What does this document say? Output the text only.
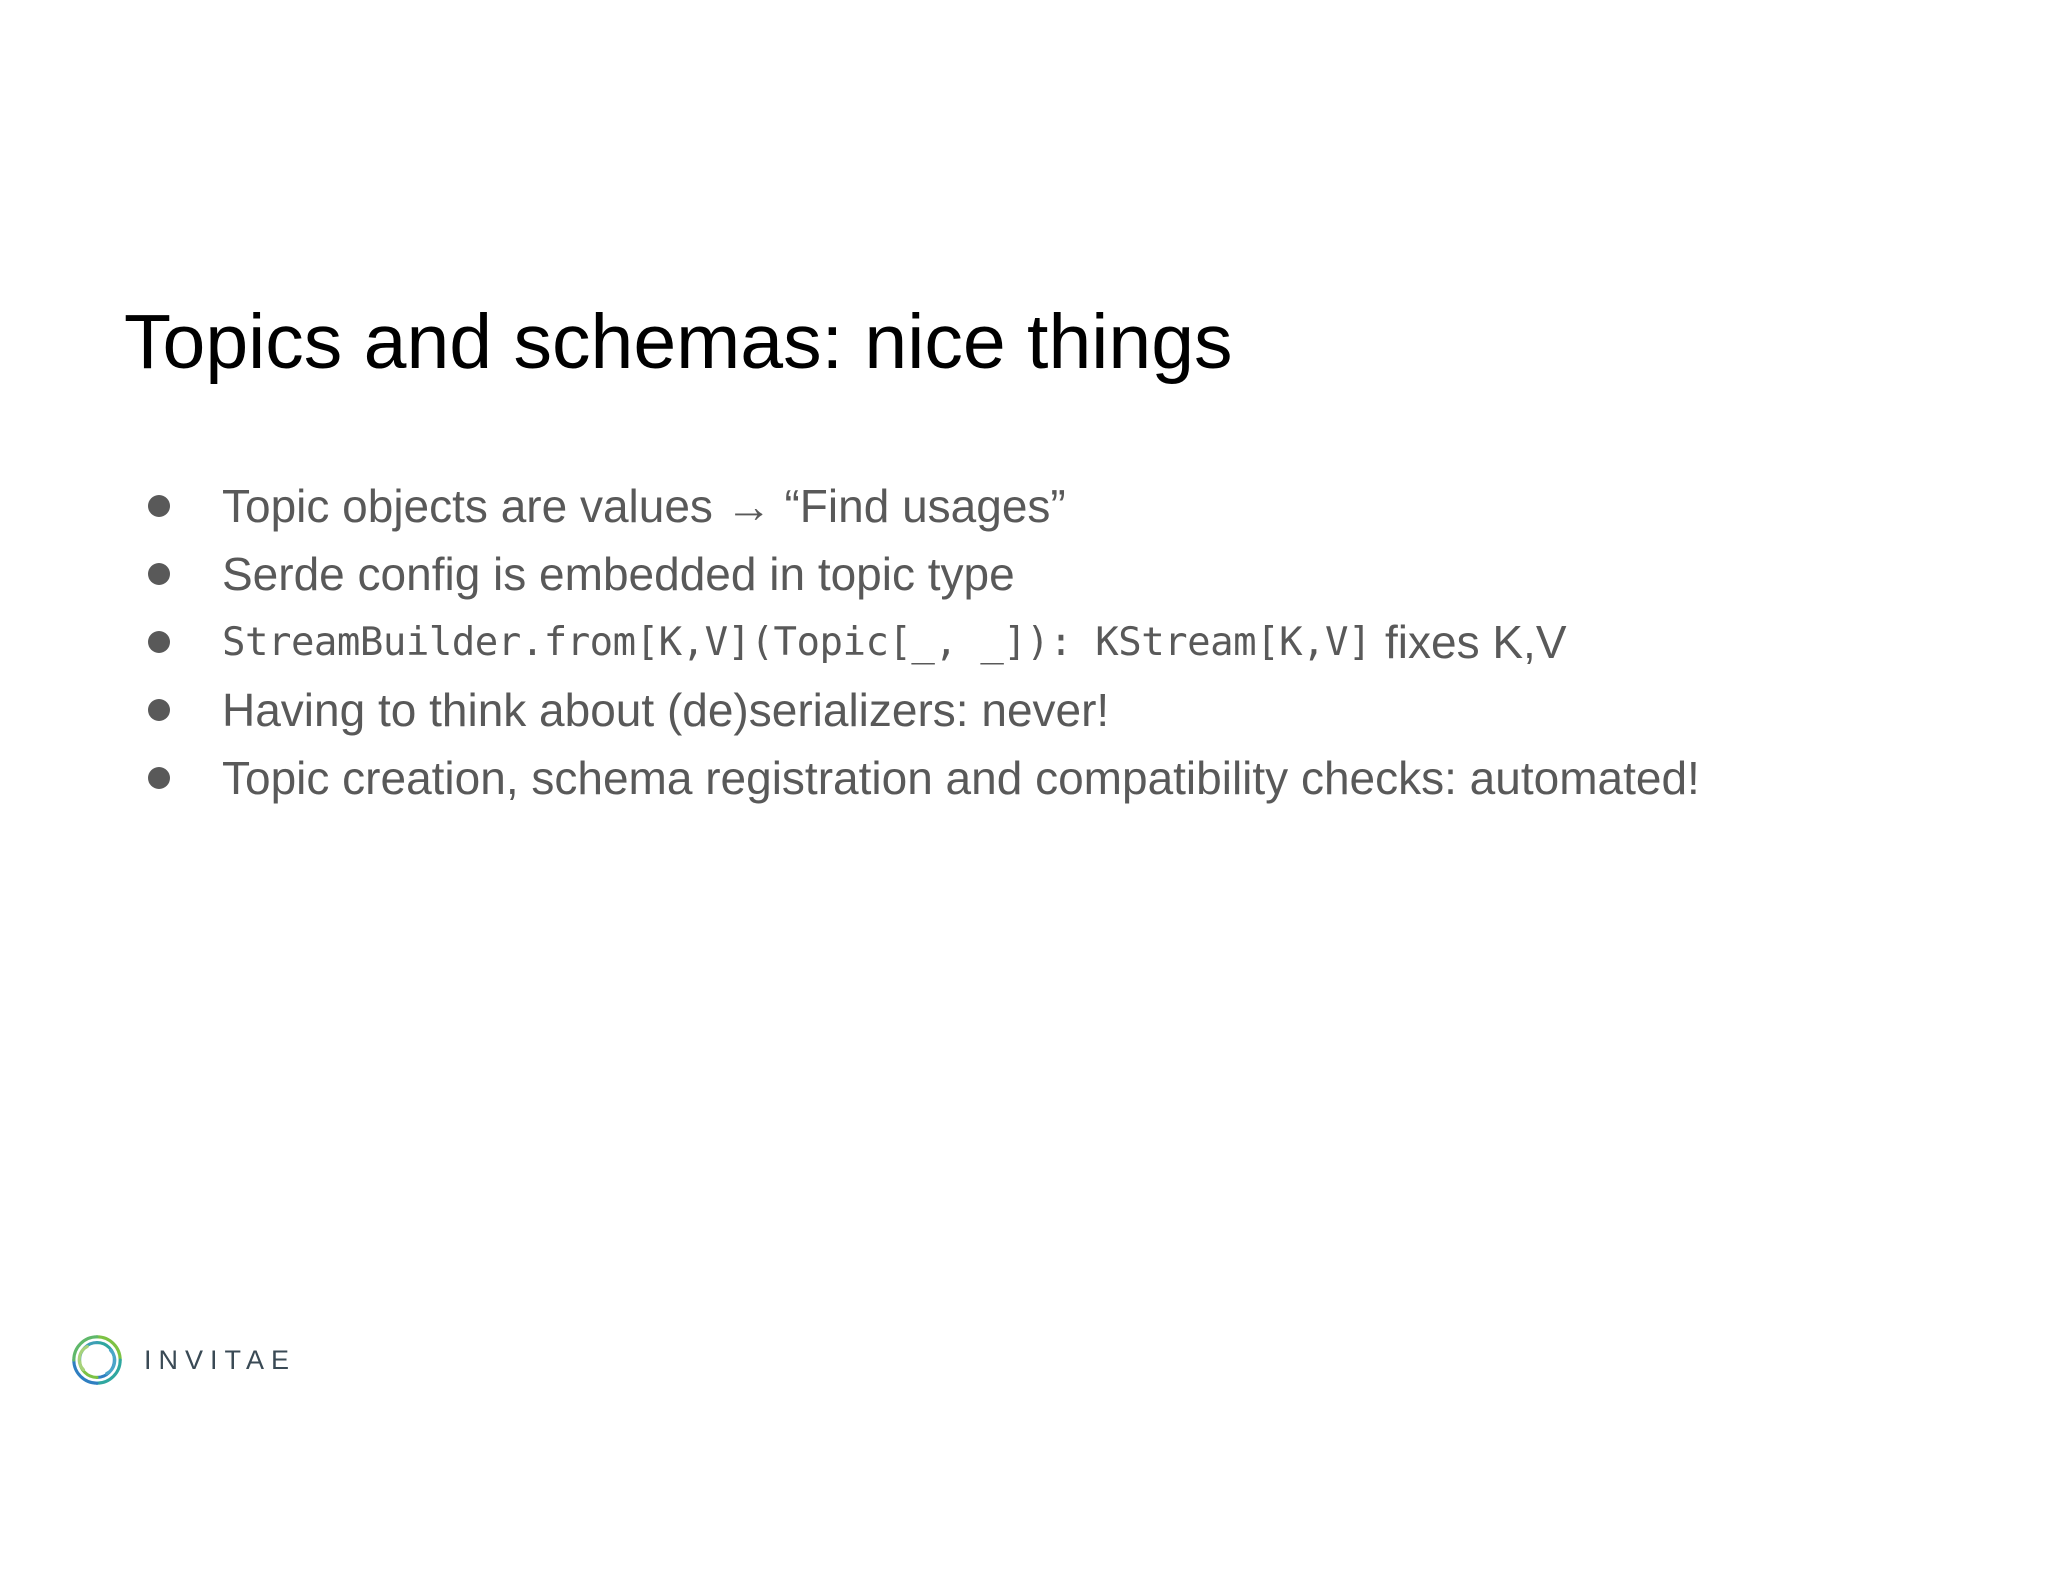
Topics and schemas: nice things
Topic objects are values → “Find usages”
Serde config is embedded in topic type
StreamBuilder.from[K,V](Topic[_, _]): KStream[K,V] fixes K,V
Having to think about (de)serializers: never!
Topic creation, schema registration and compatibility checks: automated!
INVITAE
